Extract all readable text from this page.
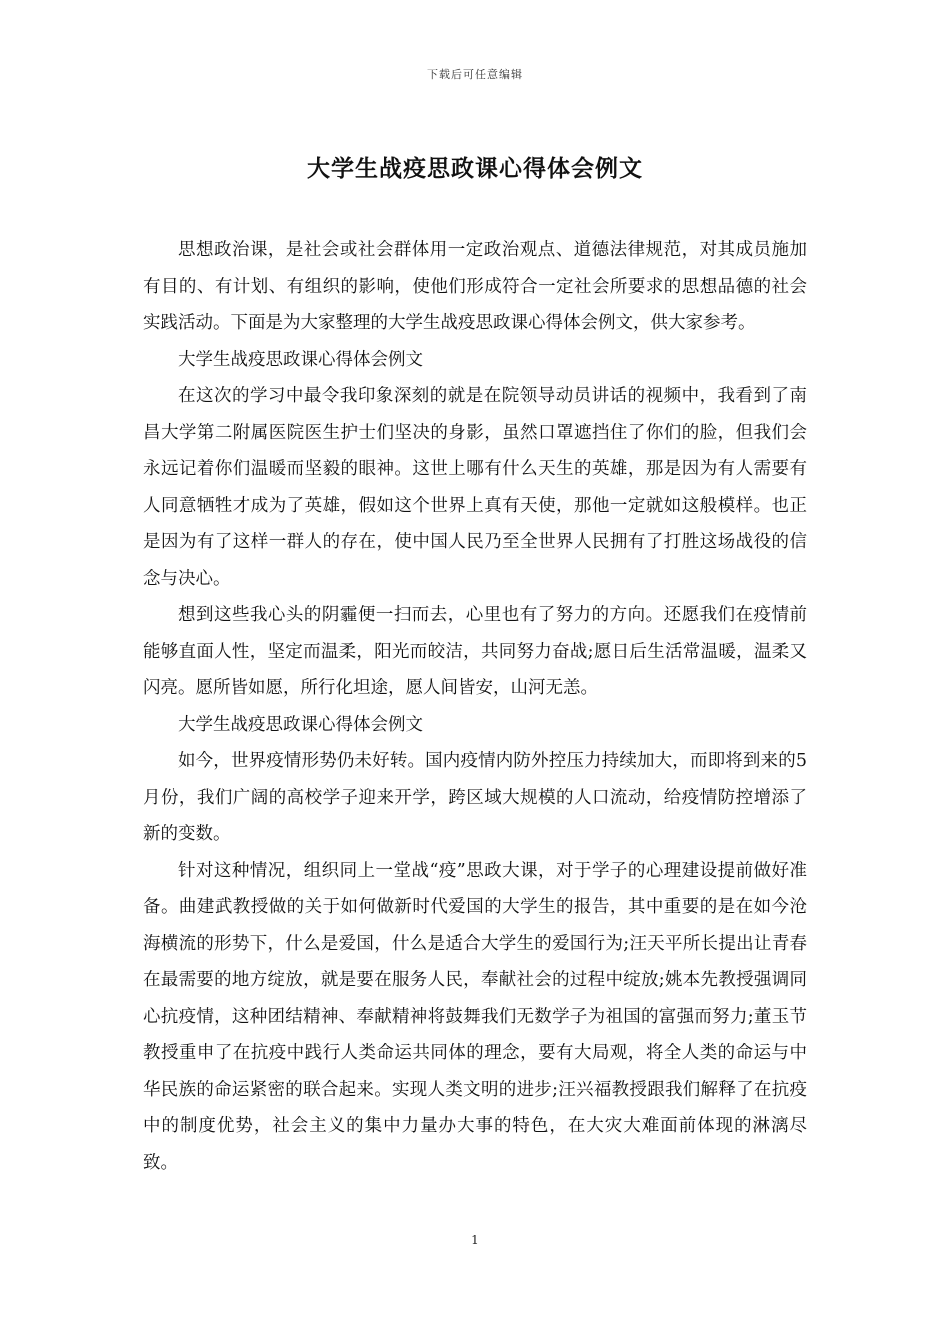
下载后可任意编辑
大学生战疫思政课心得体会例文

思想政治课，是社会或社会群体用一定政治观点、道德法律规范，对其成员施加有目的、有计划、有组织的影响，使他们形成符合一定社会所要求的思想品德的社会实践活动。下面是为大家整理的大学生战疫思政课心得体会例文，供大家参考。

大学生战疫思政课心得体会例文

在这次的学习中最令我印象深刻的就是在院领导动员讲话的视频中，我看到了南昌大学第二附属医院医生护士们坚决的身影，虽然口罩遮挡住了你们的脸，但我们会永远记着你们温暖而坚毅的眼神。这世上哪有什么天生的英雄，那是因为有人需要有人同意牺牲才成为了英雄，假如这个世界上真有天使，那他一定就如这般模样。也正是因为有了这样一群人的存在，使中国人民乃至全世界人民拥有了打胜这场战役的信念与决心。

想到这些我心头的阴霾便一扫而去，心里也有了努力的方向。还愿我们在疫情前能够直面人性，坚定而温柔，阳光而皎洁，共同努力奋战;愿日后生活常温暖，温柔又闪亮。愿所皆如愿，所行化坦途，愿人间皆安，山河无恙。

大学生战疫思政课心得体会例文

如今，世界疫情形势仍未好转。国内疫情内防外控压力持续加大，而即将到来的5月份，我们广阔的高校学子迎来开学，跨区域大规模的人口流动，给疫情防控增添了新的变数。

针对这种情况，组织同上一堂战“疫”思政大课，对于学子的心理建设提前做好准备。曲建武教授做的关于如何做新时代爱国的大学生的报告，其中重要的是在如今沧海横流的形势下，什么是爱国，什么是适合大学生的爱国行为;汪天平所长提出让青春在最需要的地方绽放，就是要在服务人民，奉献社会的过程中绽放;姚本先教授强调同心抗疫情，这种团结精神、奉献精神将鼓舞我们无数学子为祖国的富强而努力;董玉节教授重申了在抗疫中践行人类命运共同体的理念，要有大局观，将全人类的命运与中华民族的命运紧密的联合起来。实现人类文明的进步;汪兴福教授跟我们解释了在抗疫中的制度优势，社会主义的集中力量办大事的特色，在大灾大难面前体现的淋漓尽致。

1
